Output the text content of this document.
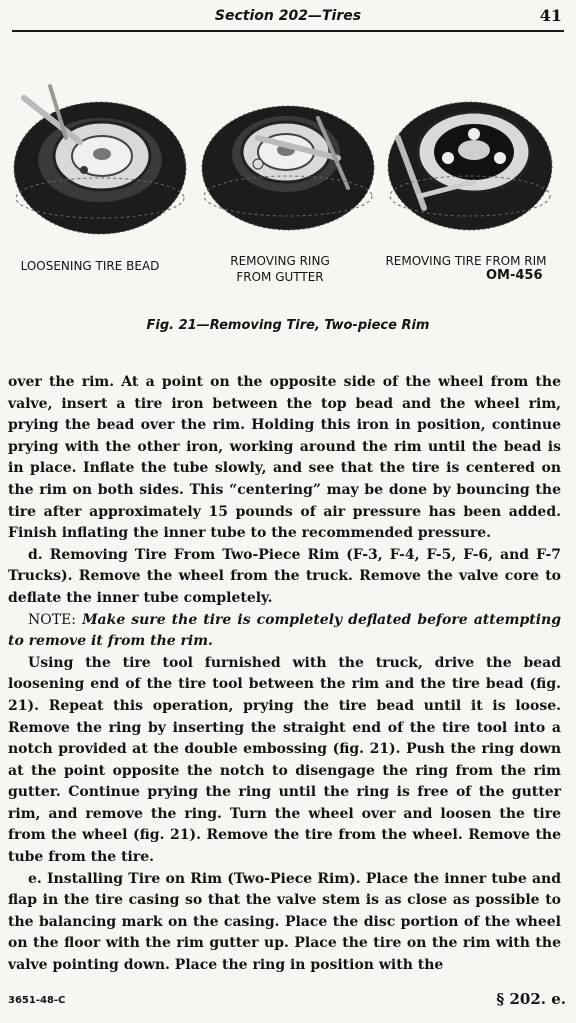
Section 202—Tires	41
LOOSENING TIRE BEAD	REMOVING RING FROM GUTTER
REMOVING TIRE FROM RIM
OM-456
Fig. 21—Removing Tire, Two-piece Rim

over the rim. At a point on the opposite side of the wheel from the valve, insert a tire iron between the top bead and the wheel rim, prying the bead over the rim. Holding this iron in position, continue prying with the other iron, working around the rim until the bead is in place. Inflate the tube slowly, and see that the tire is centered on the rim on both sides. This “centering” may be done by bouncing the tire after approximately 15 pounds of air pressure has been added. Finish inflating the inner tube to the recommended pressure.

d. Removing Tire From Two-Piece Rim (F-3, F-4, F-5, F-6, and F-7 Trucks). Remove the wheel from the truck. Remove the valve core to deflate the inner tube completely.

NOTE: Make sure the tire is completely deflated before attempting to remove it from the rim.

Using the tire tool furnished with the truck, drive the bead loosening end of the tire tool between the rim and the tire bead (fig. 21). Repeat this operation, prying the tire bead until it is loose. Remove the ring by inserting the straight end of the tire tool into a notch provided at the double embossing (fig. 21). Push the ring down at the point opposite the notch to disengage the ring from the rim gutter. Continue prying the ring until the ring is free of the gutter rim, and remove the ring. Turn the wheel over and loosen the tire from the wheel (fig. 21). Remove the tire from the wheel. Remove the tube from the tire.

e. Installing Tire on Rim (Two-Piece Rim). Place the inner tube and flap in the tire casing so that the valve stem is as close as possible to the balancing mark on the casing. Place the disc portion of the wheel on the floor with the rim gutter up. Place the tire on the rim with the valve pointing down. Place the ring in position with the

3651-48-C	§ 202. e.
